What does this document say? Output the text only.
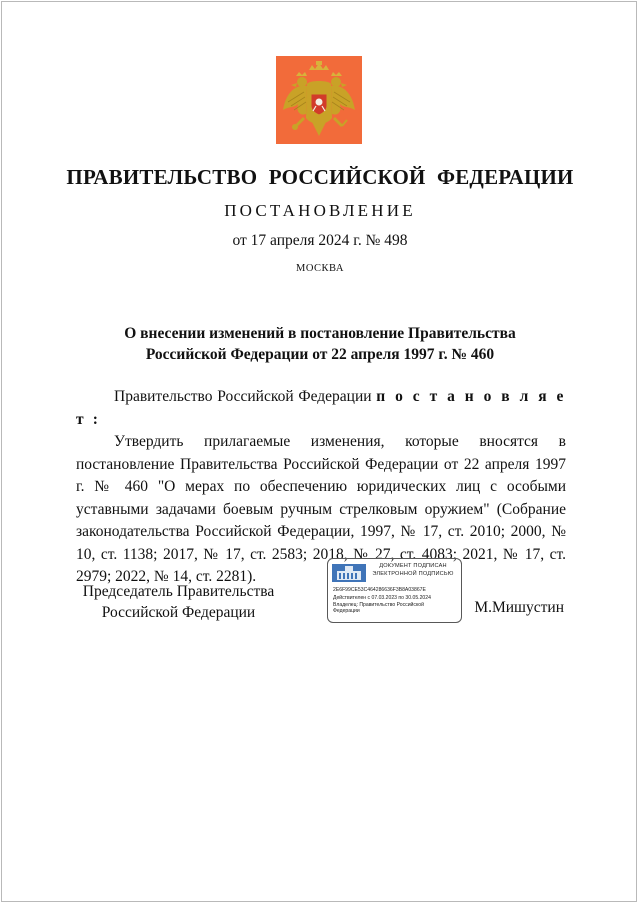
ПРАВИТЕЛЬСТВО РОССИЙСКОЙ ФЕДЕРАЦИИ
ПОСТАНОВЛЕНИЕ
от 17 апреля 2024 г. № 498
МОСКВА
О внесении изменений в постановление Правительства
Российской Федерации от 22 апреля 1997 г. № 460

Правительство Российской Федерации п о с т а н о в л я е т :

Утвердить прилагаемые изменения, которые вносятся в постановление Правительства Российской Федерации от 22 апреля 1997 г. № 460 "О мерах по обеспечению юридических лиц с особыми уставными задачами боевым ручным стрелковым оружием" (Собрание законодательства Российской Федерации, 1997, № 17, ст. 2010; 2000, № 10, ст. 1138; 2017, № 17, ст. 2583; 2018, № 27, ст. 4083; 2021, № 17, ст. 2979; 2022, № 14, ст. 2281).

Председатель Правительства
Российской Федерации
ДОКУМЕНТ ПОДПИСАН
ЭЛЕКТРОННОЙ ПОДПИСЬЮ
2E6F99CE53C464286636F3B8A03867E
Действителен с 07.03.2023 по 30.05.2024
Владелец: Правительство Российской
Федерации	М.Мишустин
